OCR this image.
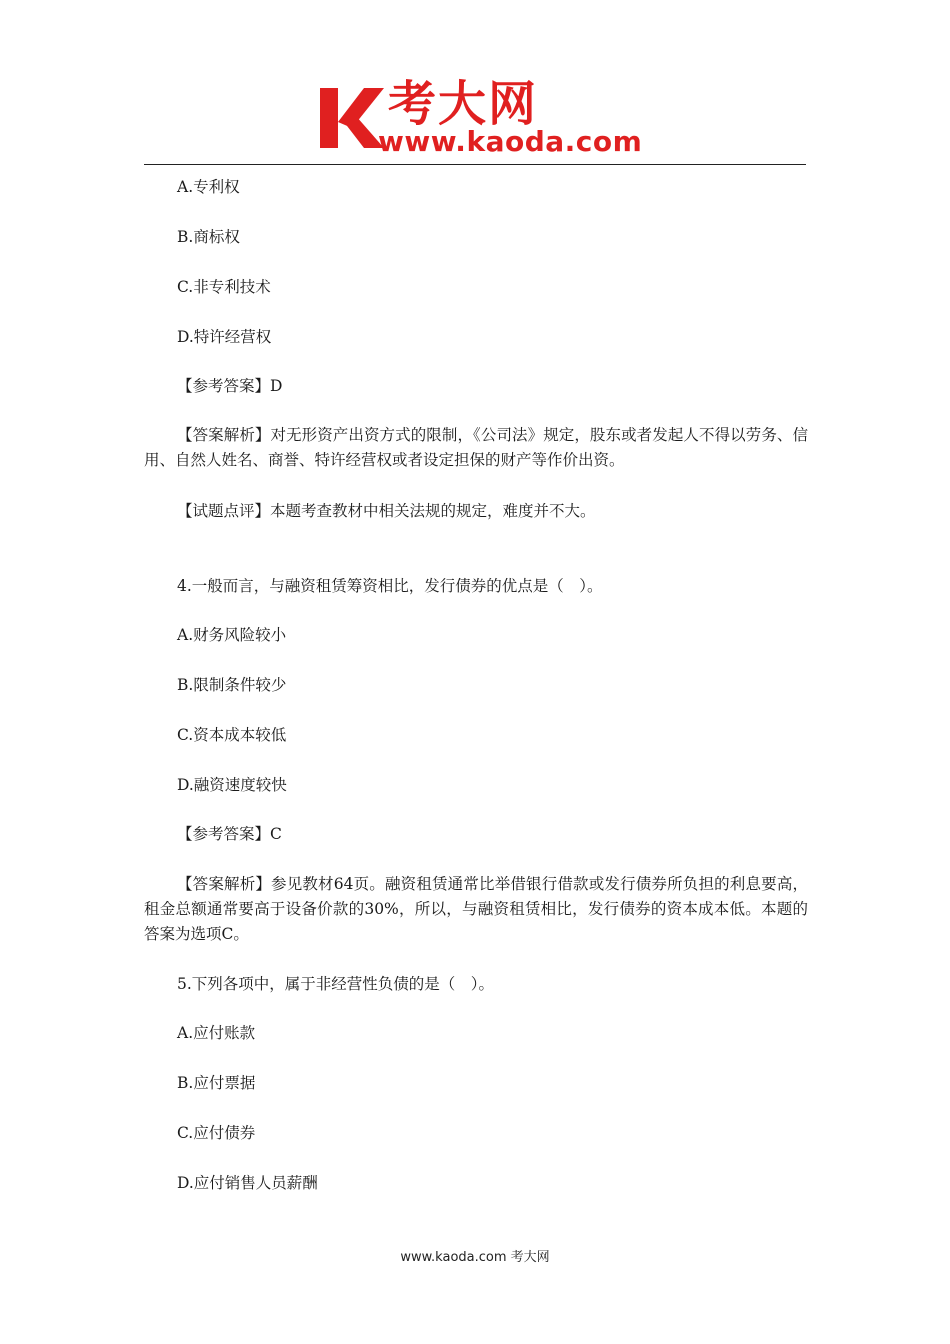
考大网
www.kaoda.com
A.专利权
B.商标权
C.非专利技术
D.特许经营权
【参考答案】D
【答案解析】对无形资产出资方式的限制，《公司法》规定，股东或者发起人不得以劳务、信用、自然人姓名、商誉、特许经营权或者设定担保的财产等作价出资。
【试题点评】本题考查教材中相关法规的规定，难度并不大。
4.一般而言，与融资租赁筹资相比，发行债券的优点是（　）。
A.财务风险较小
B.限制条件较少
C.资本成本较低
D.融资速度较快
【参考答案】C
【答案解析】参见教材64页。融资租赁通常比举借银行借款或发行债券所负担的利息要高，租金总额通常要高于设备价款的30%，所以，与融资租赁相比，发行债券的资本成本低。本题的答案为选项C。
5.下列各项中，属于非经营性负债的是（　）。
A.应付账款
B.应付票据
C.应付债券
D.应付销售人员薪酬
www.kaoda.com 考大网
